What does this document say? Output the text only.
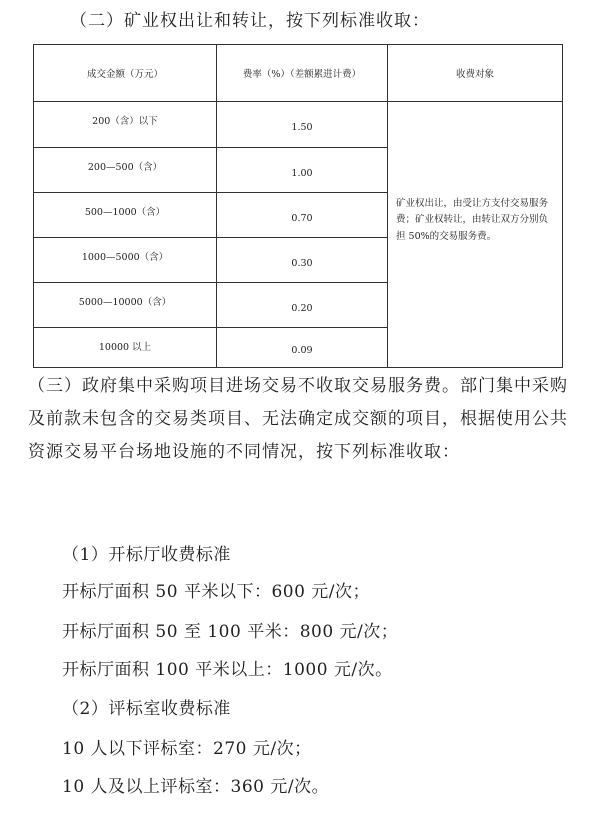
（二）矿业权出让和转让，按下列标准收取：
成交金额（万元）	费率（%）（差额累进计费）	收费对象
200（含）以下	1.50	矿业权出让，由受让方支付交易服务费；矿业权转让，由转让双方分别负担 50%的交易服务费。
200—500（含）	1.00	
500—1000（含）	0.70	
1000—5000（含）	0.30	
5000—10000（含）	0.20	
10000 以上	0.09	
（三）政府集中采购项目进场交易不收取交易服务费。部门集中采购及前款未包含的交易类项目、无法确定成交额的项目，根据使用公共资源交易平台场地设施的不同情况，按下列标准收取：
（1）开标厅收费标准
开标厅面积 50 平米以下：600 元/次；
开标厅面积 50 至 100 平米：800 元/次；
开标厅面积 100 平米以上：1000 元/次。
（2）评标室收费标准
10 人以下评标室：270 元/次；
10 人及以上评标室：360 元/次。
